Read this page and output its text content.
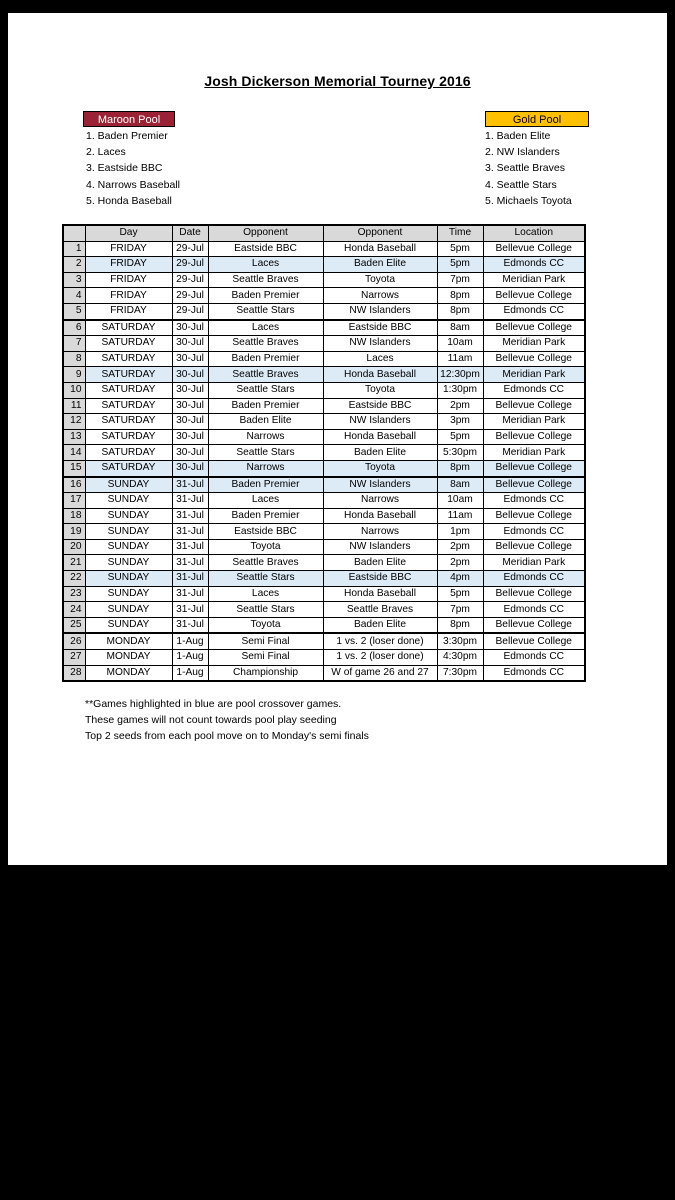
Josh Dickerson Memorial Tourney 2016
Maroon Pool
1. Baden Premier
2. Laces
3. Eastside BBC
4. Narrows Baseball
5. Honda Baseball
Gold Pool
1. Baden Elite
2. NW Islanders
3. Seattle Braves
4. Seattle Stars
5. Michaels Toyota
	Day	Date	Opponent	Opponent	Time	Location
1	FRIDAY	29-Jul	Eastside BBC	Honda Baseball	5pm	Bellevue College
2	FRIDAY	29-Jul	Laces	Baden Elite	5pm	Edmonds CC
3	FRIDAY	29-Jul	Seattle Braves	Toyota	7pm	Meridian Park
4	FRIDAY	29-Jul	Baden Premier	Narrows	8pm	Bellevue College
5	FRIDAY	29-Jul	Seattle Stars	NW Islanders	8pm	Edmonds CC
6	SATURDAY	30-Jul	Laces	Eastside BBC	8am	Bellevue College
7	SATURDAY	30-Jul	Seattle Braves	NW Islanders	10am	Meridian Park
8	SATURDAY	30-Jul	Baden Premier	Laces	11am	Bellevue College
9	SATURDAY	30-Jul	Seattle Braves	Honda Baseball	12:30pm	Meridian Park
10	SATURDAY	30-Jul	Seattle Stars	Toyota	1:30pm	Edmonds CC
11	SATURDAY	30-Jul	Baden Premier	Eastside BBC	2pm	Bellevue College
12	SATURDAY	30-Jul	Baden Elite	NW Islanders	3pm	Meridian Park
13	SATURDAY	30-Jul	Narrows	Honda Baseball	5pm	Bellevue College
14	SATURDAY	30-Jul	Seattle Stars	Baden Elite	5:30pm	Meridian Park
15	SATURDAY	30-Jul	Narrows	Toyota	8pm	Bellevue College
16	SUNDAY	31-Jul	Baden Premier	NW Islanders	8am	Bellevue College
17	SUNDAY	31-Jul	Laces	Narrows	10am	Edmonds CC
18	SUNDAY	31-Jul	Baden Premier	Honda Baseball	11am	Bellevue College
19	SUNDAY	31-Jul	Eastside BBC	Narrows	1pm	Edmonds CC
20	SUNDAY	31-Jul	Toyota	NW Islanders	2pm	Bellevue College
21	SUNDAY	31-Jul	Seattle Braves	Baden Elite	2pm	Meridian Park
22	SUNDAY	31-Jul	Seattle Stars	Eastside BBC	4pm	Edmonds CC
23	SUNDAY	31-Jul	Laces	Honda Baseball	5pm	Bellevue College
24	SUNDAY	31-Jul	Seattle Stars	Seattle Braves	7pm	Edmonds CC
25	SUNDAY	31-Jul	Toyota	Baden Elite	8pm	Bellevue College
26	MONDAY	1-Aug	Semi Final	1 vs. 2 (loser done)	3:30pm	Bellevue College
27	MONDAY	1-Aug	Semi Final	1 vs. 2 (loser done)	4:30pm	Edmonds CC
28	MONDAY	1-Aug	Championship	W of game 26 and 27	7:30pm	Edmonds CC
**Games highlighted in blue are pool crossover games.
These games will not count towards pool play seeding
Top 2 seeds from each pool move on to Monday's semi finals
